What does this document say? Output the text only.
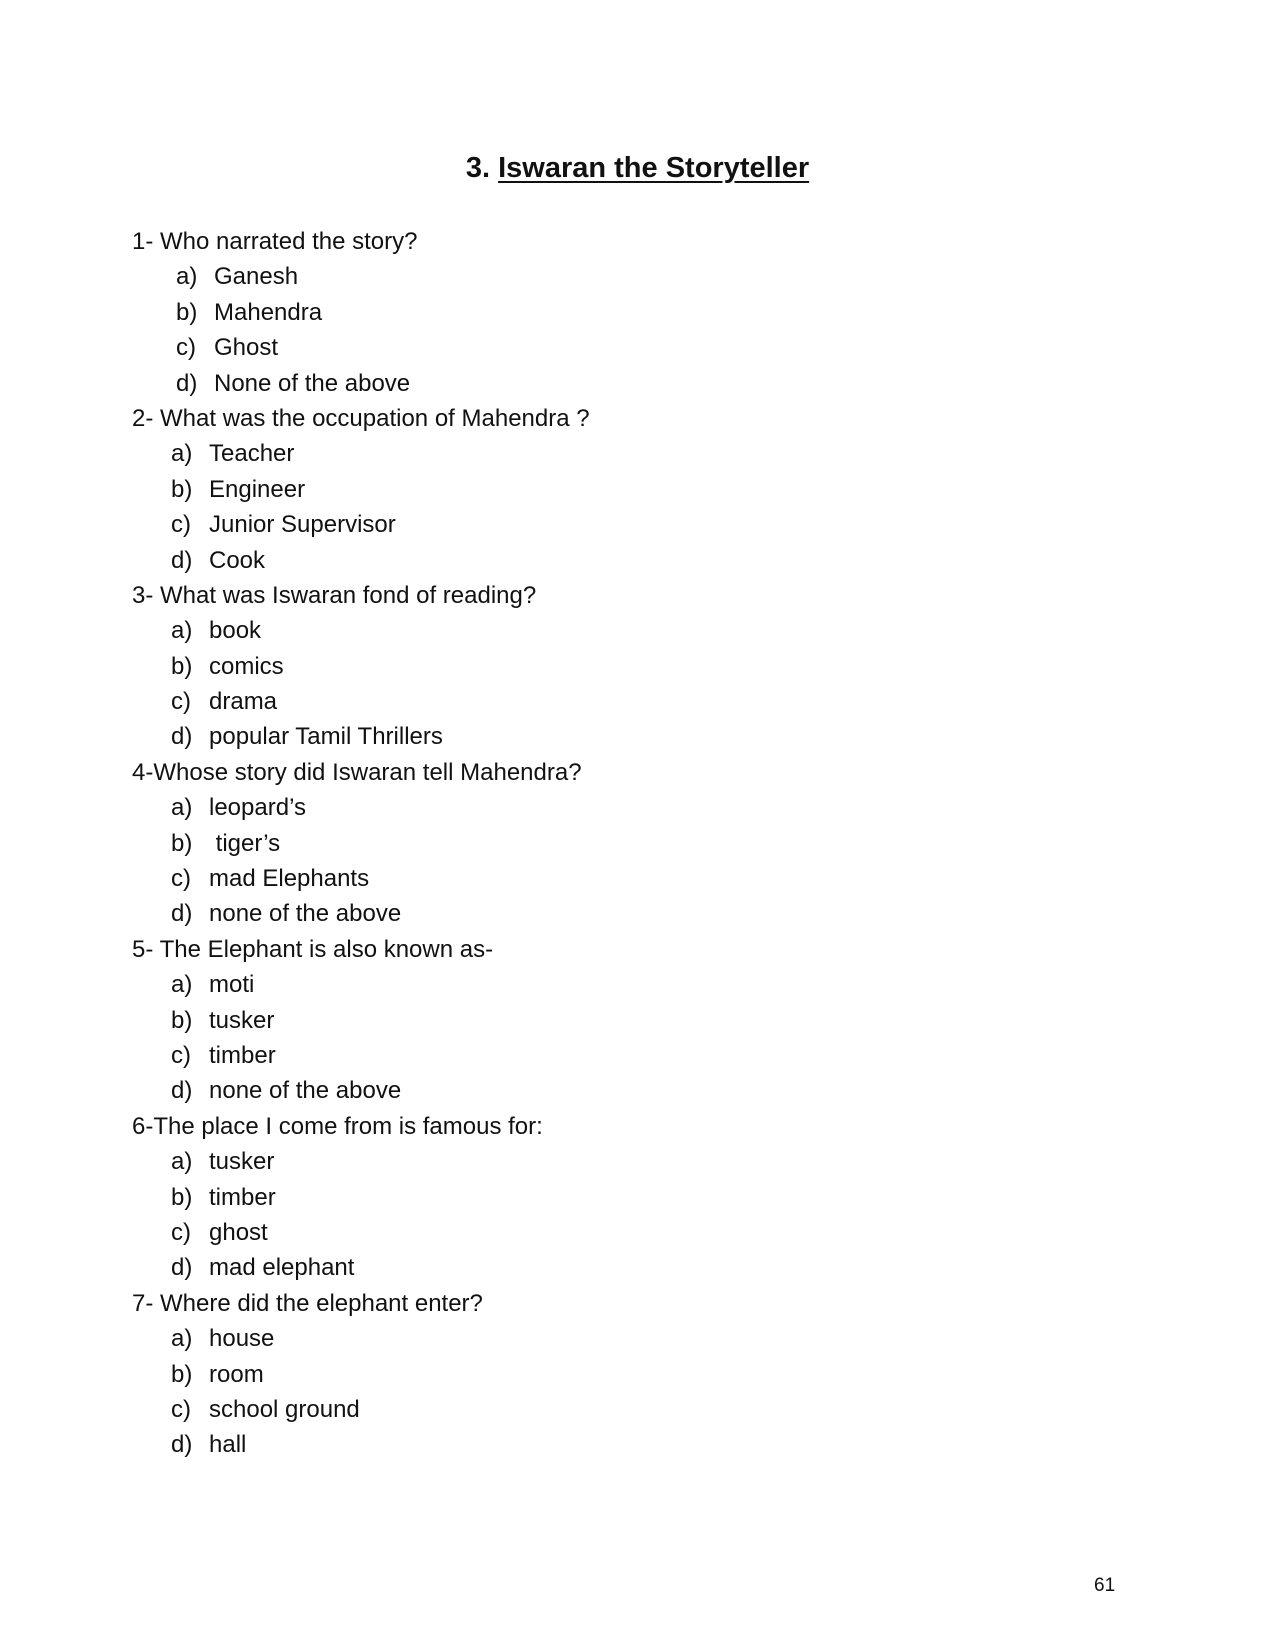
3. Iswaran the Storyteller
1- Who narrated the story?
a) Ganesh
b) Mahendra
c) Ghost
d) None of the above
2- What was the occupation of Mahendra ?
a) Teacher
b) Engineer
c) Junior Supervisor
d) Cook
3- What was Iswaran fond of reading?
a) book
b) comics
c) drama
d) popular Tamil Thrillers
4-Whose story did Iswaran tell Mahendra?
a) leopard’s
b) tiger’s
c) mad Elephants
d) none of the above
5- The Elephant is also known as-
a) moti
b) tusker
c) timber
d) none of the above
6-The place I come from is famous for:
a) tusker
b) timber
c) ghost
d) mad elephant
7- Where did the elephant enter?
a) house
b) room
c) school ground
d) hall
61
